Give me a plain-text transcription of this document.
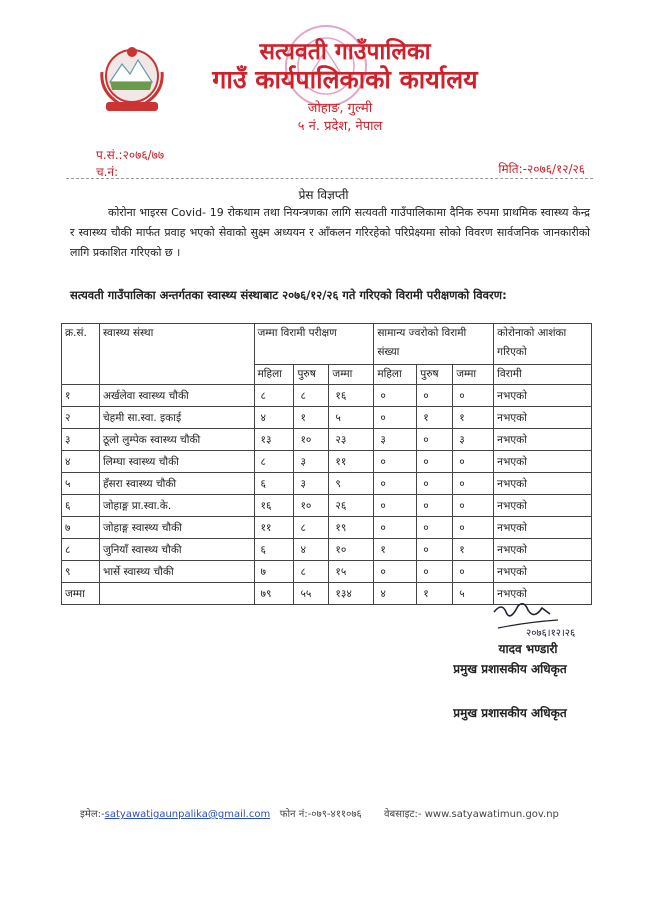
सत्यवती गाउँपालिका
गाउँ कार्यपालिकाको कार्यालय
जोहाङ, गुल्मी
५ नं. प्रदेश, नेपाल
प.सं.:२०७६/७७
च.नं:	मिति:-२०७६/१२/२६
प्रेस विज्ञप्ती
कोरोना भाइरस Covid- 19 रोकथाम तथा नियन्त्रणका लागि सत्यवती गाउँपालिकामा दैनिक रुपमा प्राथमिक स्वास्थ्य केन्द्र र स्वास्थ्य चौकी मार्फत प्रवाह भएको सेवाको सुक्ष्म अध्ययन र आँकलन गरिरहेको परिप्रेक्ष्यमा सोको विवरण सार्वजनिक जानकारीको लागि प्रकाशित गरिएको छ ।
सत्यवती गाउँपालिका अन्तर्गतका स्वास्थ्य संस्थाबाट २०७६/१२/२६ गते गरिएको विरामी परीक्षणको विवरण:
क्र.सं.	स्वास्थ्य संस्था	जम्मा विरामी परीक्षण			सामान्य ज्वरोको विरामी संख्या			कोरोनाको आशंका गरिएको
		महिला	पुरुष	जम्मा	महिला	पुरुष	जम्मा	विरामी
१	अर्खलेवा स्वास्थ्य चौकी	८	८	१६	०	०	०	नभएको
२	चेहमी सा.स्वा. इकाई	४	१	५	०	१	१	नभएको
३	ठूलो लुम्पेक स्वास्थ्य चौकी	१३	१०	२३	३	०	३	नभएको
४	लिम्घा स्वास्थ्य चौकी	८	३	११	०	०	०	नभएको
५	हँसरा स्वास्थ्य चौकी	६	३	९	०	०	०	नभएको
६	जोहाङ्ग प्रा.स्वा.के.	१६	१०	२६	०	०	०	नभएको
७	जोहाङ्ग स्वास्थ्य चौकी	११	८	१९	०	०	०	नभएको
८	जुनियाँ स्वास्थ्य चौकी	६	४	१०	१	०	१	नभएको
९	भार्से स्वास्थ्य चौकी	७	८	१५	०	०	०	नभएको
जम्मा		७९	५५	१३४	४	१	५	नभएको
२०७६।१२।२६
यादव भण्डारी
प्रमुख प्रशासकीय अधिकृत
प्रमुख प्रशासकीय अधिकृत
इमेल:-satyawatigaunpalika@gmail.com फोन नं:-०७९-४११०७६ वेबसाइट:- www.satyawatimun.gov.np
